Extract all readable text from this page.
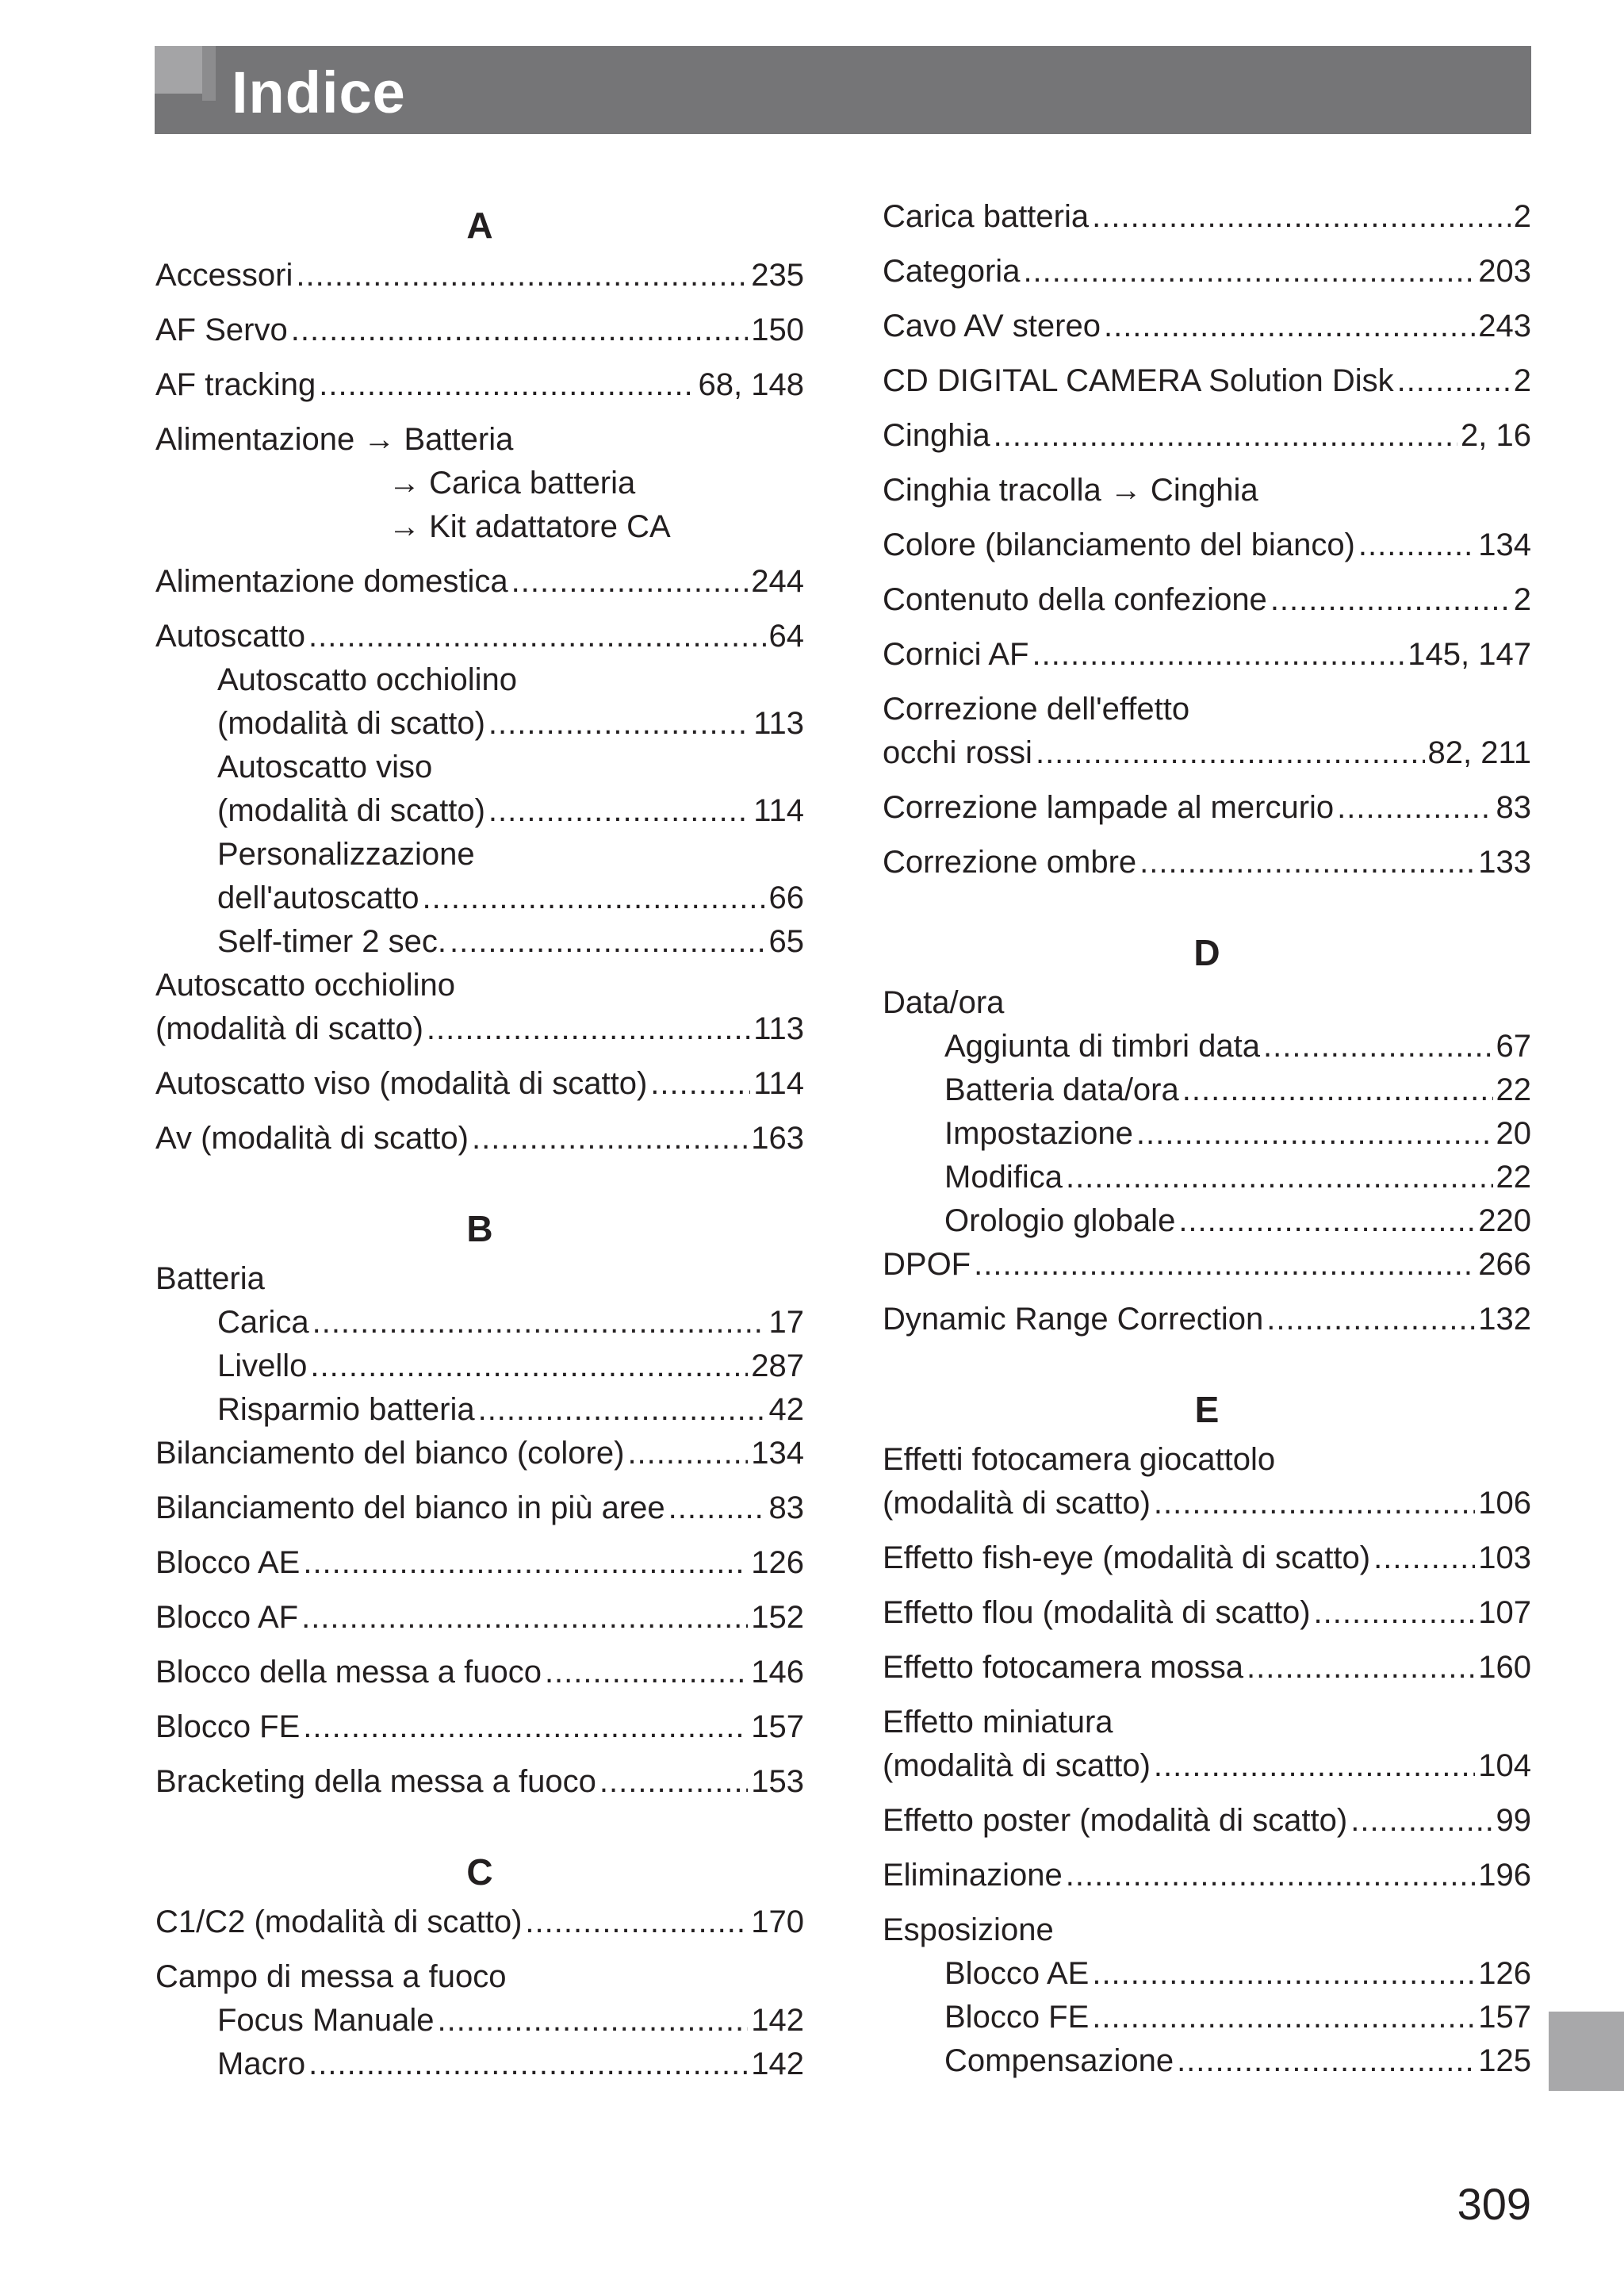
Indice
A
Accessori .....	235
AF Servo .....	150
AF tracking .....	68, 148
Alimentazione → Batteria
→ Carica batteria
→ Kit adattatore CA
Alimentazione domestica .....	244
Autoscatto .....	64
Autoscatto occhiolino
(modalità di scatto) .....	113
Autoscatto viso
(modalità di scatto) .....	114
Personalizzazione
dell'autoscatto .....	66
Self-timer 2 sec. .....	65
Autoscatto occhiolino
(modalità di scatto) .....	113
Autoscatto viso (modalità di scatto) .....	114
Av (modalità di scatto) .....	163
B
Batteria
Carica .....	17
Livello .....	287
Risparmio batteria .....	42
Bilanciamento del bianco (colore) .....	134
Bilanciamento del bianco in più aree .....	83
Blocco AE .....	126
Blocco AF .....	152
Blocco della messa a fuoco .....	146
Blocco FE .....	157
Bracketing della messa a fuoco .....	153
C
C1/C2 (modalità di scatto) .....	170
Campo di messa a fuoco
Focus Manuale .....	142
Macro .....	142
Carica batteria .....	2
Categoria .....	203
Cavo AV stereo .....	243
CD DIGITAL CAMERA Solution Disk .....	2
Cinghia .....	2, 16
Cinghia tracolla → Cinghia
Colore (bilanciamento del bianco) .....	134
Contenuto della confezione .....	2
Cornici AF .....	145, 147
Correzione dell'effetto
occhi rossi .....	82, 211
Correzione lampade al mercurio .....	83
Correzione ombre .....	133
D
Data/ora
Aggiunta di timbri data .....	67
Batteria data/ora .....	22
Impostazione .....	20
Modifica .....	22
Orologio globale .....	220
DPOF .....	266
Dynamic Range Correction .....	132
E
Effetti fotocamera giocattolo
(modalità di scatto) .....	106
Effetto fish-eye (modalità di scatto) .....	103
Effetto flou (modalità di scatto) .....	107
Effetto fotocamera mossa .....	160
Effetto miniatura
(modalità di scatto) .....	104
Effetto poster (modalità di scatto) .....	99
Eliminazione .....	196
Esposizione
Blocco AE .....	126
Blocco FE .....	157
Compensazione .....	125
309
